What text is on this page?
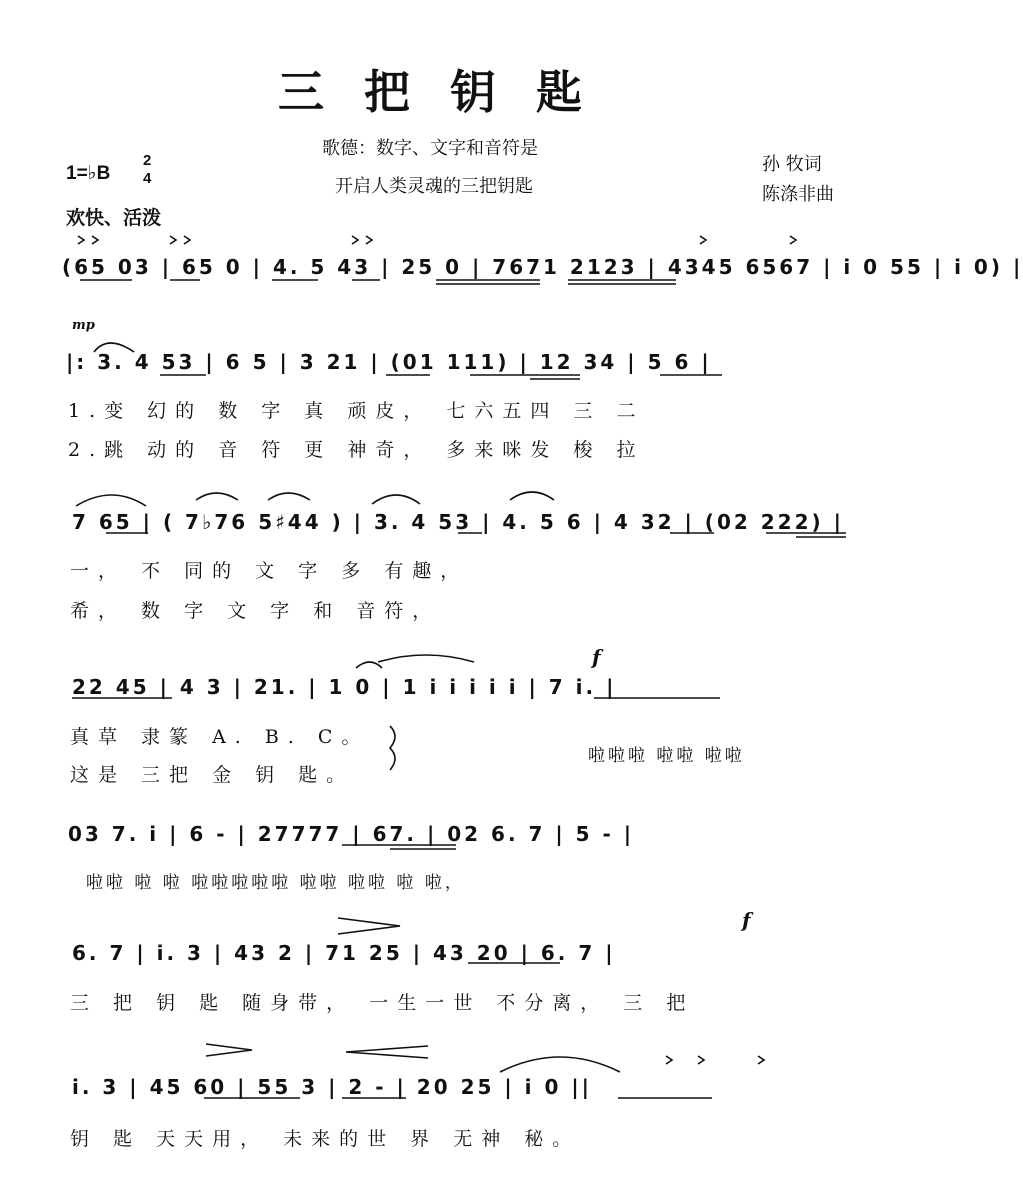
三把钥匙
歌德：数字、文字和音符是
开启人类灵魂的三把钥匙
1=♭B
2
4
欢快、活泼
孙 牧词
陈涤非曲
(65 03 | 65 0 | 4. 5 43 | 25 0 | 7671 2123 | 4345 6567 | i 0 55 | i 0) |
mp
|: 3. 4 53 | 6 5 | 3 21 | (01 111) | 12 34 | 5 6 |
1.变 幻的 数 字 真 顽皮， 七六五四 三 二
2.跳 动的 音 符 更 神奇， 多来咪发 梭 拉
7 65 | ( 7♭76 5♯44 ) | 3. 4 53 | 4. 5 6 | 4 32 | (02 222) |
一， 不 同的 文 字 多 有趣，
希， 数 字 文 字 和 音符，
f
22 45 | 4 3 | 21. | 1 0 | 1 i i i i i | 7 i. |
真草 隶篆 A. B. C。
这是 三把 金 钥 匙。
啦啦啦 啦啦 啦啦
03 7. i | 6 - | 27777 | 67. | 02 6. 7 | 5 - |
啦啦 啦 啦 啦啦啦啦啦 啦啦 啦啦 啦 啦，
f
6. 7 | i. 3 | 43 2 | 71 25 | 43 20 | 6. 7 |
三 把 钥 匙 随身带， 一生一世 不分离， 三 把
i. 3 | 45 60 | 55 3 | 2 - | 20 25 | i 0 ||
钥 匙 天天用， 未来的世 界 无神 秘。
